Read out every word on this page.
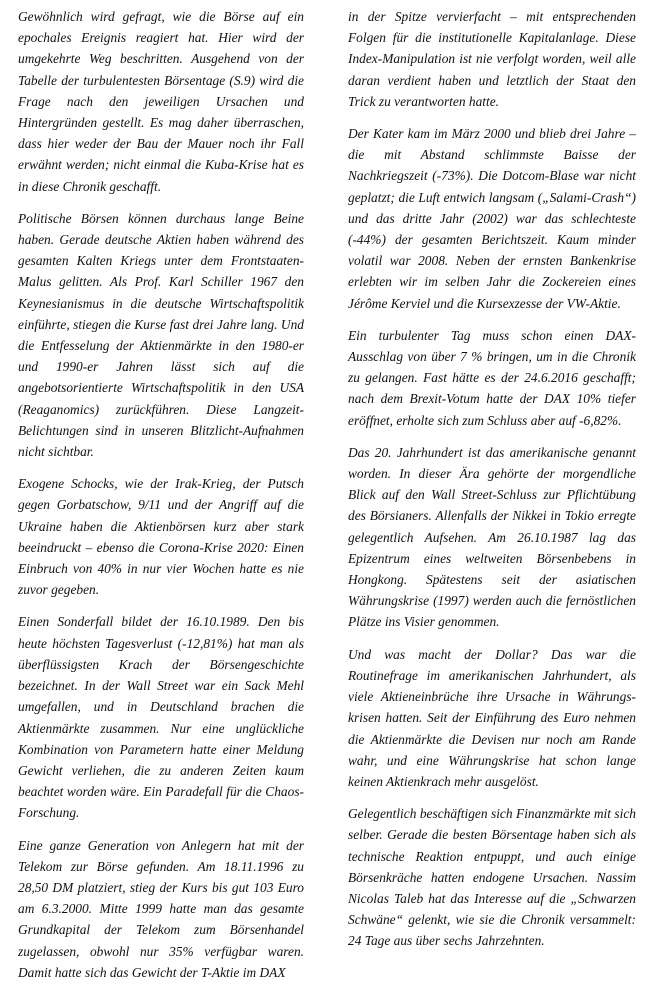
Gewöhnlich wird gefragt, wie die Börse auf ein epochales Ereignis reagiert hat. Hier wird der umgekehrte Weg beschritten. Ausgehend von der Tabelle der turbulentesten Börsentage (S.9) wird die Frage nach den jeweiligen Ursachen und Hintergründen gestellt. Es mag daher überraschen, dass hier weder der Bau der Mauer noch ihr Fall erwähnt werden; nicht einmal die Kuba-Krise hat es in diese Chronik geschafft.

Politische Börsen können durchaus lange Beine haben. Gerade deutsche Aktien haben während des gesamten Kalten Kriegs unter dem Frontstaaten-Malus gelitten. Als Prof. Karl Schiller 1967 den Keynesianismus in die deutsche Wirtschaftspolitik einführte, stiegen die Kurse fast drei Jahre lang. Und die Entfesselung der Aktienmärkte in den 1980-er und 1990-er Jahren lässt sich auf die angebotsorientierte Wirtschaftspolitik in den USA (Reaganomics) zurückführen. Diese Langzeit-Belichtungen sind in unseren Blitzlicht-Aufnahmen nicht sichtbar.

Exogene Schocks, wie der Irak-Krieg, der Putsch gegen Gorbatschow, 9/11 und der Angriff auf die Ukraine haben die Aktienbörsen kurz aber stark beeindruckt – ebenso die Corona-Krise 2020: Einen Einbruch von 40% in nur vier Wochen hatte es nie zuvor gegeben.

Einen Sonderfall bildet der 16.10.1989. Den bis heute höchsten Tagesverlust (-12,81%) hat man als überflüssigsten Krach der Börsengeschichte bezeichnet. In der Wall Street war ein Sack Mehl umgefallen, und in Deutschland brachen die Aktienmärkte zusammen. Nur eine unglückliche Kombination von Parametern hatte einer Meldung Gewicht verliehen, die zu anderen Zeiten kaum beachtet worden wäre. Ein Paradefall für die Chaos-Forschung.

Eine ganze Generation von Anlegern hat mit der Telekom zur Börse gefunden. Am 18.11.1996 zu 28,50 DM platziert, stieg der Kurs bis gut 103 Euro am 6.3.2000. Mitte 1999 hatte man das gesamte Grundkapital der Telekom zum Börsenhandel zugelassen, obwohl nur 35% verfügbar waren. Damit hatte sich das Gewicht der T-Aktie im DAX

in der Spitze vervierfacht – mit entsprechenden Folgen für die institutionelle Kapitalanlage. Diese Index-Manipulation ist nie verfolgt worden, weil alle daran verdient haben und letztlich der Staat den Trick zu verantworten hatte.

Der Kater kam im März 2000 und blieb drei Jahre – die mit Abstand schlimmste Baisse der Nachkriegszeit (-73%). Die Dotcom-Blase war nicht geplatzt; die Luft entwich langsam („Salami-Crash“) und das dritte Jahr (2002) war das schlechteste (-44%) der gesamten Berichtszeit. Kaum minder volatil war 2008. Neben der ernsten Bankenkrise erlebten wir im selben Jahr die Zockereien eines Jérôme Kerviel und die Kursexzesse der VW-Aktie.

Ein turbulenter Tag muss schon einen DAX-Ausschlag von über 7 % bringen, um in die Chronik zu gelangen. Fast hätte es der 24.6.2016 geschafft; nach dem Brexit-Votum hatte der DAX 10% tiefer eröffnet, erholte sich zum Schluss aber auf -6,82%.

Das 20. Jahrhundert ist das amerikanische genannt worden. In dieser Ära gehörte der morgendliche Blick auf den Wall Street-Schluss zur Pflichtübung des Börsianers. Allenfalls der Nikkei in Tokio erregte gelegentlich Aufsehen. Am 26.10.1987 lag das Epizentrum eines weltweiten Börsenbebens in Hongkong. Spätestens seit der asiatischen Währungskrise (1997) werden auch die fernöstlichen Plätze ins Visier genommen.

Und was macht der Dollar? Das war die Routinefrage im amerikanischen Jahrhundert, als viele Aktieneinbrüche ihre Ursache in Währungs-krisen hatten. Seit der Einführung des Euro nehmen die Aktienmärkte die Devisen nur noch am Rande wahr, und eine Währungskrise hat schon lange keinen Aktienkrach mehr ausgelöst.

Gelegentlich beschäftigen sich Finanzmärkte mit sich selber. Gerade die besten Börsentage haben sich als technische Reaktion entpuppt, und auch einige Börsenkräche hatten endogene Ursachen. Nassim Nicolas Taleb hat das Interesse auf die „Schwarzen Schwäne“ gelenkt, wie sie die Chronik versammelt: 24 Tage aus über sechs Jahrzehnten.
